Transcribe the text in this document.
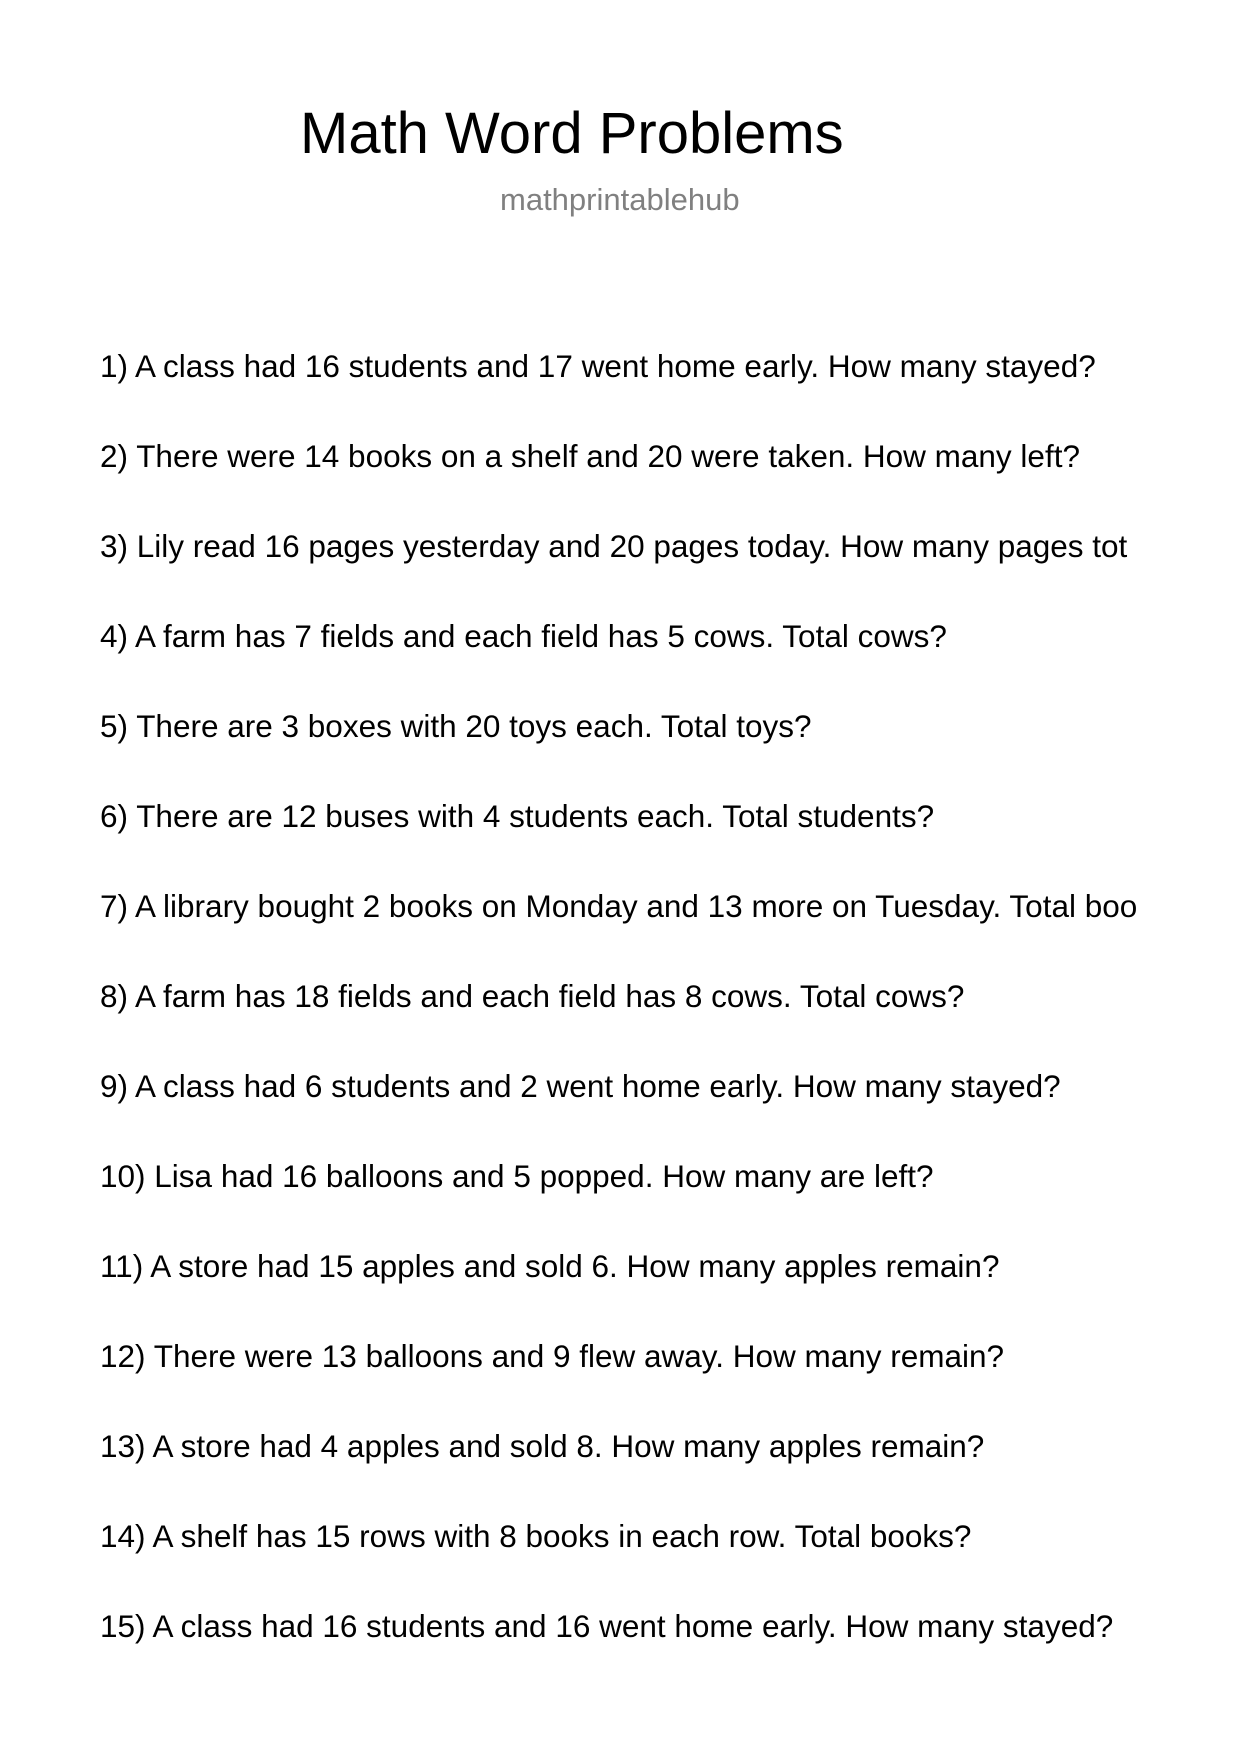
Math Word Problems
mathprintablehub
1) A class had 16 students and 17 went home early. How many stayed?
2) There were 14 books on a shelf and 20 were taken. How many left?
3) Lily read 16 pages yesterday and 20 pages today. How many pages tot
4) A farm has 7 fields and each field has 5 cows. Total cows?
5) There are 3 boxes with 20 toys each. Total toys?
6) There are 12 buses with 4 students each. Total students?
7) A library bought 2 books on Monday and 13 more on Tuesday. Total boo
8) A farm has 18 fields and each field has 8 cows. Total cows?
9) A class had 6 students and 2 went home early. How many stayed?
10) Lisa had 16 balloons and 5 popped. How many are left?
11) A store had 15 apples and sold 6. How many apples remain?
12) There were 13 balloons and 9 flew away. How many remain?
13) A store had 4 apples and sold 8. How many apples remain?
14) A shelf has 15 rows with 8 books in each row. Total books?
15) A class had 16 students and 16 went home early. How many stayed?
